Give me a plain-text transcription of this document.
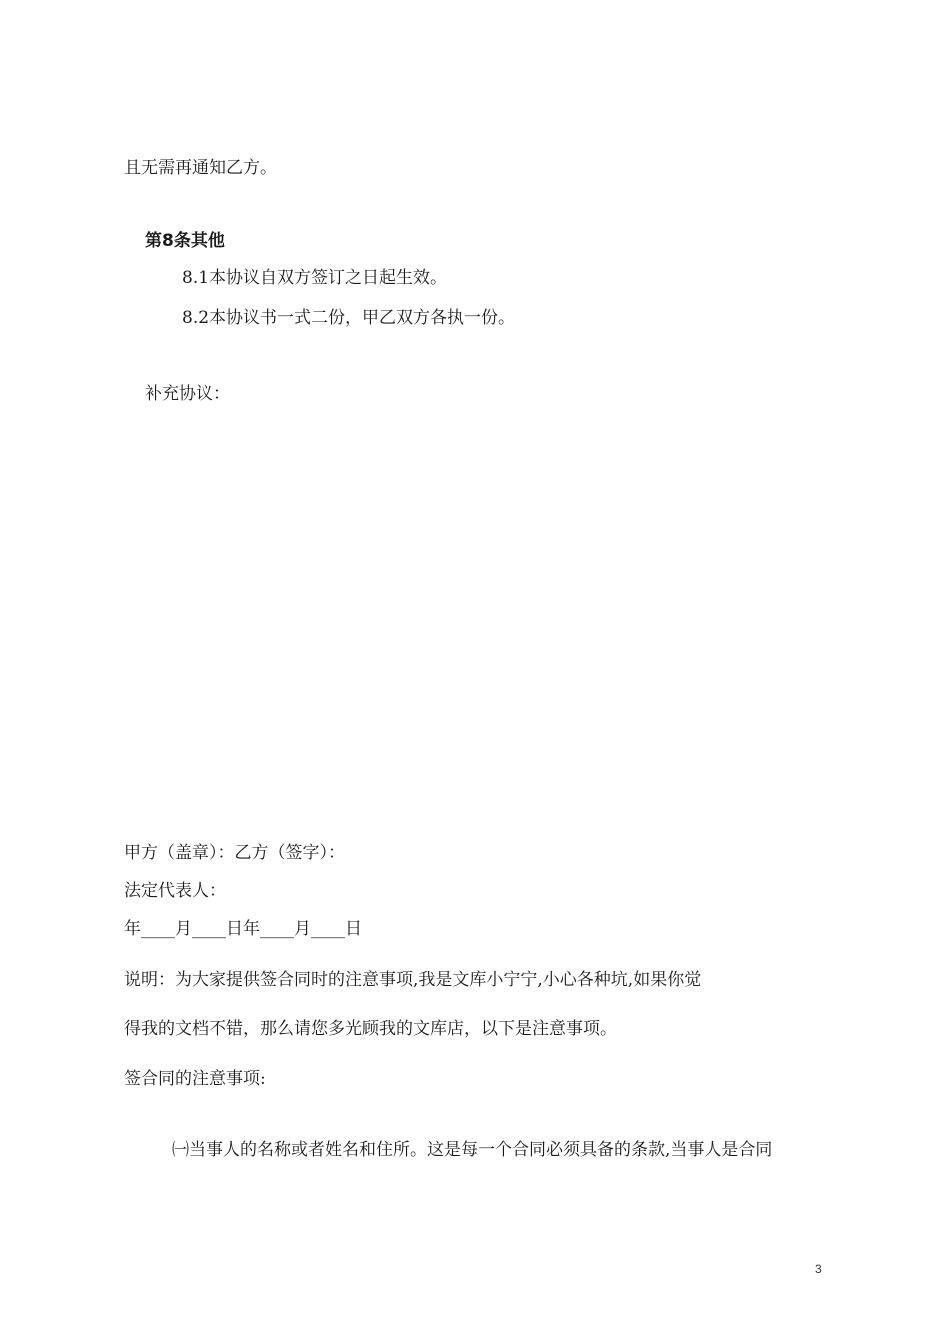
且无需再通知乙方。
第8条其他
8.1本协议自双方签订之日起生效。
8.2本协议书一式二份，甲乙双方各执一份。
补充协议：
甲方（盖章）：乙方（签字）：
法定代表人：
年____月____日年____月____日
说明：为大家提供签合同时的注意事项,我是文库小宁宁,小心各种坑,如果你觉
得我的文档不错，那么请您多光顾我的文库店，以下是注意事项。
签合同的注意事项:
㈠当事人的名称或者姓名和住所。这是每一个合同必须具备的条款,当事人是合同
3
